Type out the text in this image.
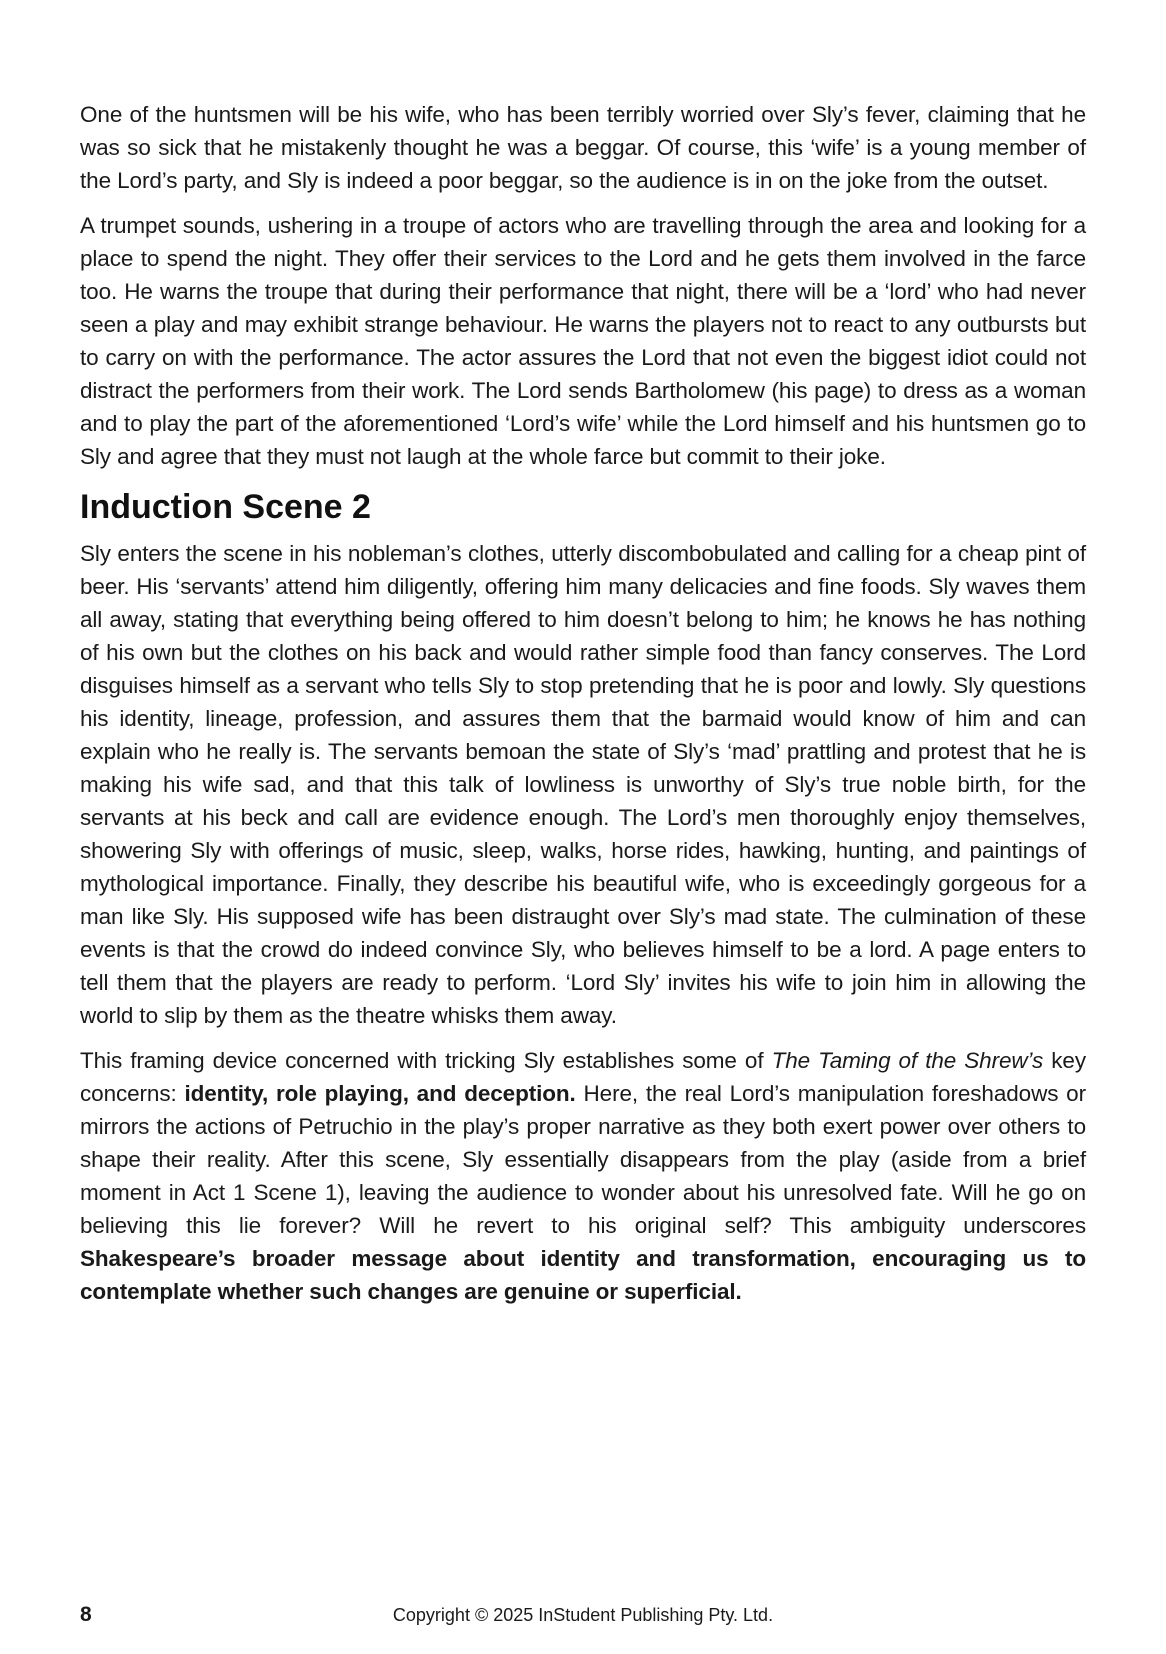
One of the huntsmen will be his wife, who has been terribly worried over Sly’s fever, claiming that he was so sick that he mistakenly thought he was a beggar. Of course, this ‘wife’ is a young member of the Lord’s party, and Sly is indeed a poor beggar, so the audience is in on the joke from the outset.

A trumpet sounds, ushering in a troupe of actors who are travelling through the area and looking for a place to spend the night. They offer their services to the Lord and he gets them involved in the farce too. He warns the troupe that during their performance that night, there will be a ‘lord’ who had never seen a play and may exhibit strange behaviour. He warns the players not to react to any outbursts but to carry on with the performance. The actor assures the Lord that not even the biggest idiot could not distract the performers from their work. The Lord sends Bartholomew (his page) to dress as a woman and to play the part of the aforementioned ‘Lord’s wife’ while the Lord himself and his huntsmen go to Sly and agree that they must not laugh at the whole farce but commit to their joke.

Induction Scene 2

Sly enters the scene in his nobleman’s clothes, utterly discombobulated and calling for a cheap pint of beer. His ‘servants’ attend him diligently, offering him many delicacies and fine foods. Sly waves them all away, stating that everything being offered to him doesn’t belong to him; he knows he has nothing of his own but the clothes on his back and would rather simple food than fancy conserves. The Lord disguises himself as a servant who tells Sly to stop pretending that he is poor and lowly. Sly questions his identity, lineage, profession, and assures them that the barmaid would know of him and can explain who he really is. The servants bemoan the state of Sly’s ‘mad’ prattling and protest that he is making his wife sad, and that this talk of lowliness is unworthy of Sly’s true noble birth, for the servants at his beck and call are evidence enough. The Lord’s men thoroughly enjoy themselves, showering Sly with offerings of music, sleep, walks, horse rides, hawking, hunting, and paintings of mythological importance. Finally, they describe his beautiful wife, who is exceedingly gorgeous for a man like Sly. His supposed wife has been distraught over Sly’s mad state. The culmination of these events is that the crowd do indeed convince Sly, who believes himself to be a lord. A page enters to tell them that the players are ready to perform. ‘Lord Sly’ invites his wife to join him in allowing the world to slip by them as the theatre whisks them away.

This framing device concerned with tricking Sly establishes some of The Taming of the Shrew’s key concerns: identity, role playing, and deception. Here, the real Lord’s manipulation foreshadows or mirrors the actions of Petruchio in the play’s proper narrative as they both exert power over others to shape their reality. After this scene, Sly essentially disappears from the play (aside from a brief moment in Act 1 Scene 1), leaving the audience to wonder about his unresolved fate. Will he go on believing this lie forever? Will he revert to his original self? This ambiguity underscores Shakespeare’s broader message about identity and transformation, encouraging us to contemplate whether such changes are genuine or superficial.

Copyright © 2025 InStudent Publishing Pty. Ltd.
8
